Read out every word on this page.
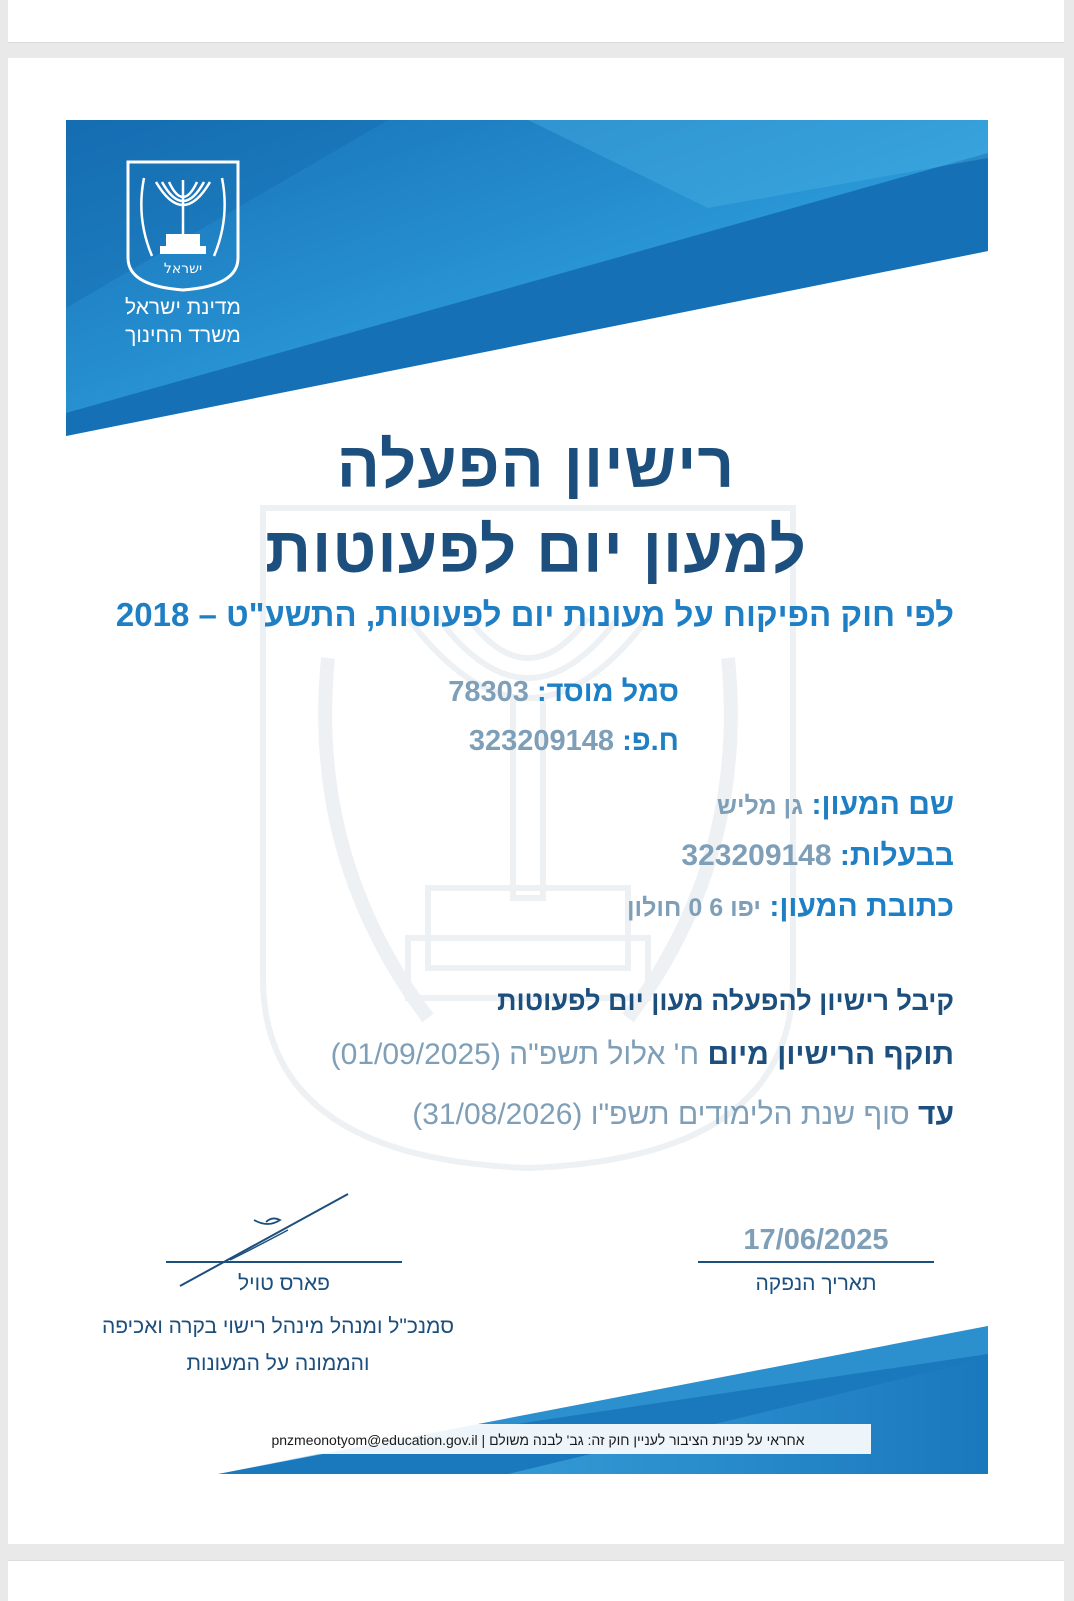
ישראל
מדינת ישראל
משרד החינוך
רישיון הפעלה
למעון יום לפעוטות
לפי חוק הפיקוח על מעונות יום לפעוטות, התשע"ט – 2018
סמל מוסד: 78303
ח.פ: 323209148
שם המעון: גן מליש
בבעלות: 323209148
כתובת המעון: יפו 6 0 חולון
קיבל רישיון להפעלה מעון יום לפעוטות
תוקף הרישיון מיום ח' אלול תשפ"ה (01/09/2025)
עד סוף שנת הלימודים תשפ"ו (31/08/2026)
פארס טויל
סמנכ"ל ומנהל מינהל רישוי בקרה ואכיפה
והממונה על המעונות
17/06/2025
תאריך הנפקה
אחראי על פניות הציבור לעניין חוק זה: גב' לבנה משולם | pnzmeonotyom@education.gov.il
